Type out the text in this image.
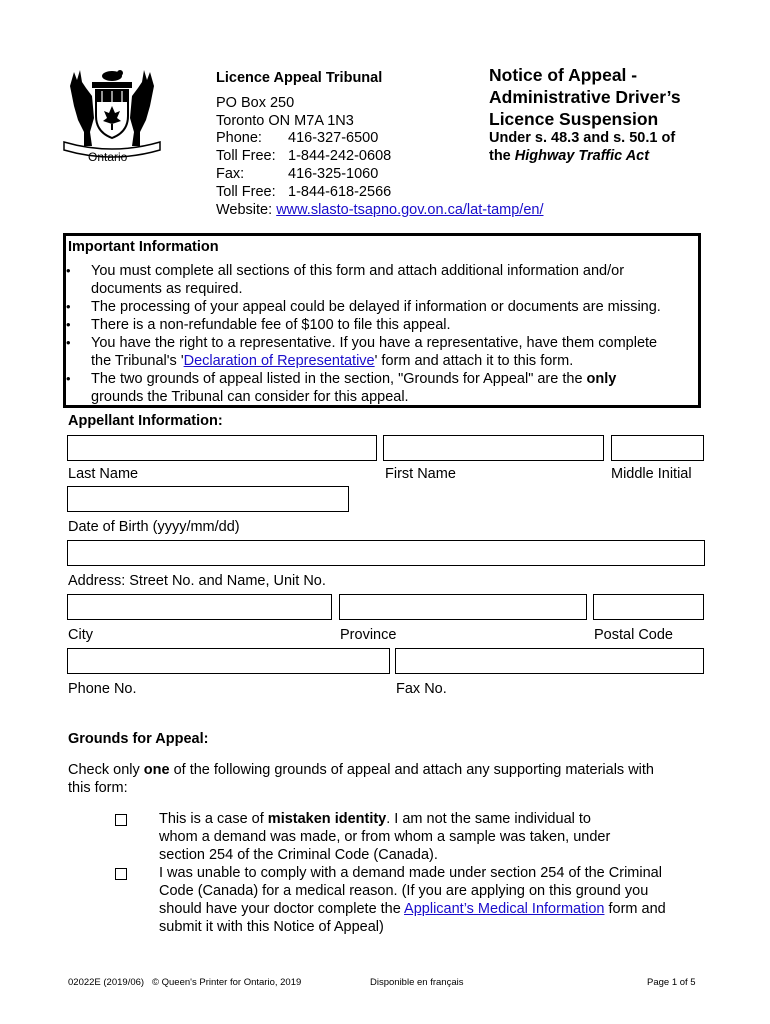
Ontario
Licence Appeal Tribunal
PO Box 250
Toronto ON M7A 1N3
Phone: 416-327-6500
Toll Free: 1-844-242-0608
Fax:	416-325-1060
Toll Free: 1-844-618-2566
Website: www.slasto-tsapno.gov.on.ca/lat-tamp/en/
Notice of Appeal -
Administrative Driver’s
Licence Suspension
Under s. 48.3 and s. 50.1 of
the Highway Traffic Act
Important Information
• You must complete all sections of this form and attach additional information and/or
documents as required.
• The processing of your appeal could be delayed if information or documents are missing.
• There is a non-refundable fee of $100 to file this appeal.
• You have the right to a representative. If you have a representative, have them complete
the Tribunal's 'Declaration of Representative' form and attach it to this form.
• The two grounds of appeal listed in the section, "Grounds for Appeal" are the only
grounds the Tribunal can consider for this appeal.
Appellant Information:
Last Name	First Name	Middle Initial
Date of Birth (yyyy/mm/dd)
Address: Street No. and Name, Unit No.
City	Province	Postal Code
Phone No.	Fax No.
Grounds for Appeal:
Check only one of the following grounds of appeal and attach any supporting materials with
this form:
This is a case of mistaken identity. I am not the same individual to
whom a demand was made, or from whom a sample was taken, under
section 254 of the Criminal Code (Canada).
I was unable to comply with a demand made under section 254 of the Criminal
Code (Canada) for a medical reason. (If you are applying on this ground you
should have your doctor complete the Applicant’s Medical Information form and
submit it with this Notice of Appeal)
02022E (2019/06) © Queen's Printer for Ontario, 2019	Disponible en français	Page 1 of 5
